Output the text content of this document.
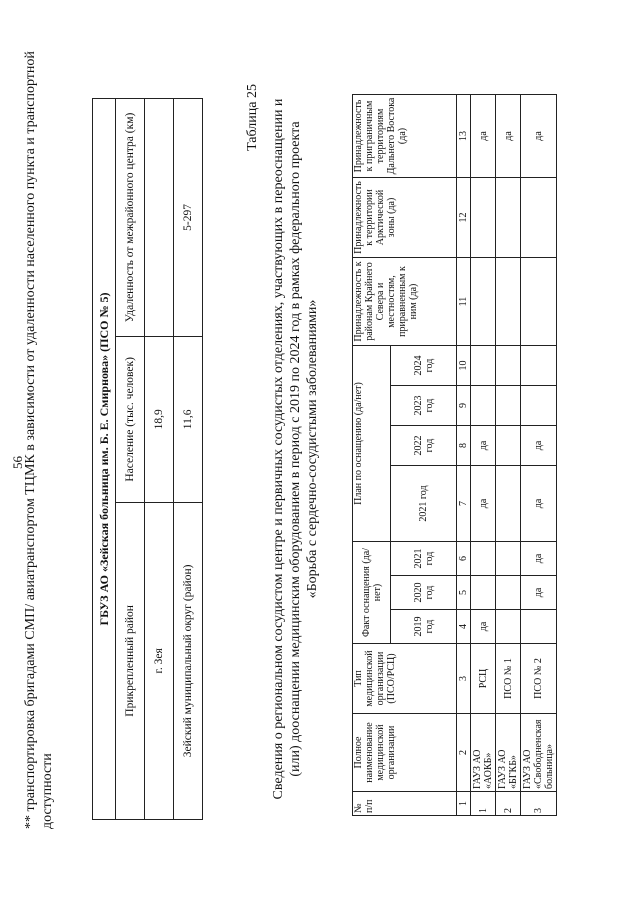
56
** транспортировка бригадами СМП/ авиатранспортом ТЦМК в зависимости от удаленности населенного пункта и транспортной доступности
ГБУЗ АО «Зейская больница им. Б. Е. Смирнова» (ПСО № 5)		
Прикрепленный район	Население (тыс. человек)	Удаленность от межрайонного центра (км)
г. Зея	18,9	
Зейский муниципальный округ (район)	11,6	5-297
Таблица 25 Сведения о региональном сосудистом центре и первичных сосудистых отделениях, участвующих в переоснащении и (или) дооснащении медицинским оборудованием в период с 2019 по 2024 год в рамках федерального проекта «Борьба с сердечно-сосудистыми заболеваниями»
№ п/п	Полное наименование медицинской организации	Тип медицинской организации (ПСО/РСЦ)	Факт оснащения (да/нет)			План по оснащению (да/нет)				Принадлежность к районам Крайнего Севера и местностям, приравненным к ним (да)	Принадлежность к территории Арктической зоны (да)	Принадлежность к приграничным территориям Дальнего Востока (да)
			2019 год	2020 год	2021 год	2021 год	2022 год	2023 год	2024 год			
1	2	3	4	5	6	7	8	9	10	11	12	13
1	ГАУЗ АО «АОКБ»	РСЦ	да			да	да					да
2	ГАУЗ АО «БГКБ»	ПСО № 1										да
3	ГАУЗ АО «Свободненская больница»	ПСО № 2		да	да	да	да					да
